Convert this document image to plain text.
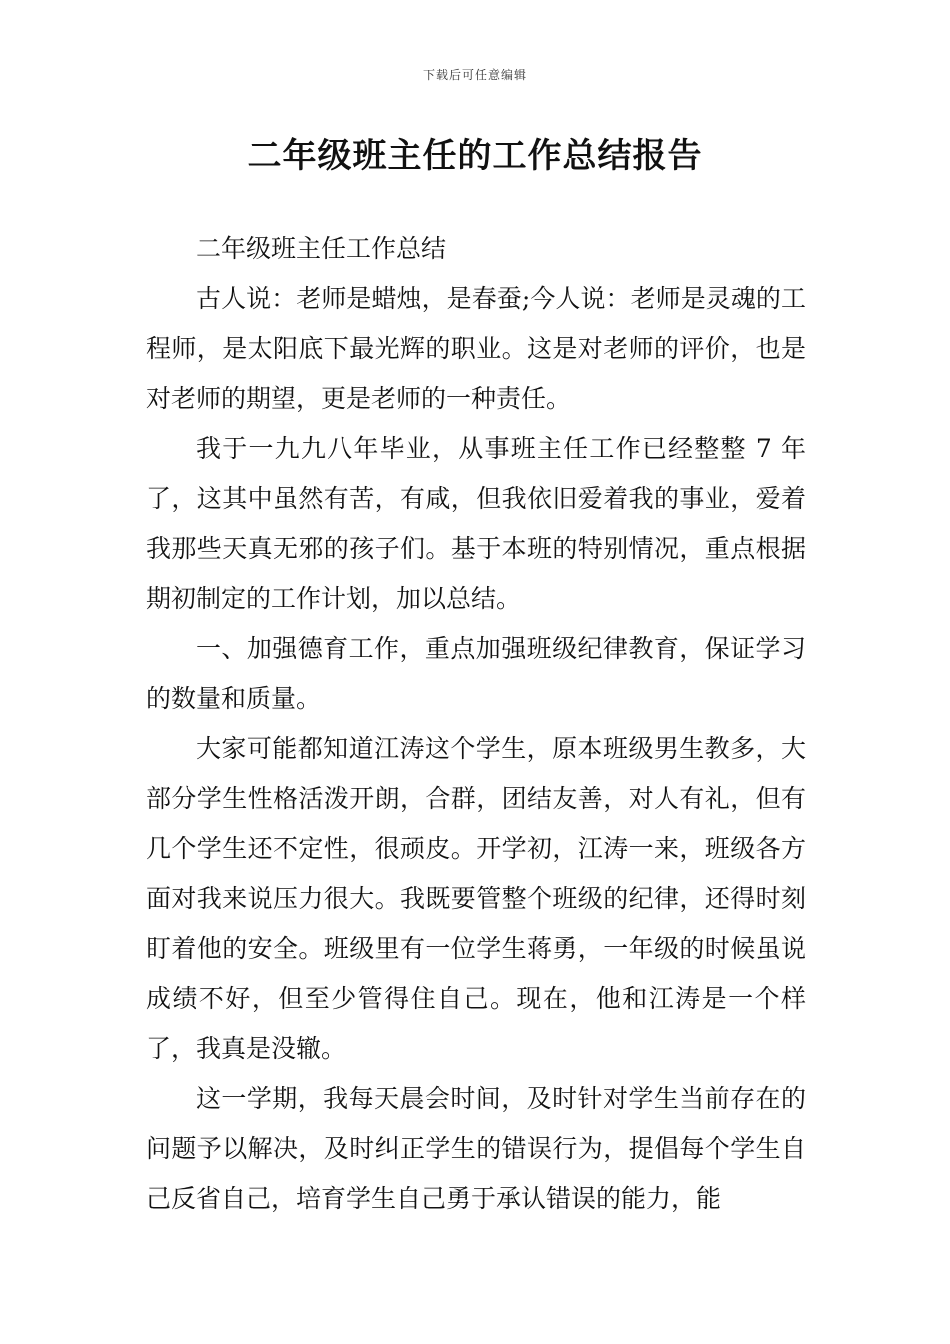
下载后可任意编辑
二年级班主任的工作总结报告

二年级班主任工作总结

古人说：老师是蜡烛，是春蚕;今人说：老师是灵魂的工程师，是太阳底下最光辉的职业。这是对老师的评价，也是对老师的期望，更是老师的一种责任。

我于一九九八年毕业，从事班主任工作已经整整 7 年了，这其中虽然有苦，有咸，但我依旧爱着我的事业，爱着我那些天真无邪的孩子们。基于本班的特别情况，重点根据期初制定的工作计划，加以总结。

一、加强德育工作，重点加强班级纪律教育，保证学习的数量和质量。

大家可能都知道江涛这个学生，原本班级男生教多，大部分学生性格活泼开朗，合群，团结友善，对人有礼，但有几个学生还不定性，很顽皮。开学初，江涛一来，班级各方面对我来说压力很大。我既要管整个班级的纪律，还得时刻盯着他的安全。班级里有一位学生蒋勇，一年级的时候虽说成绩不好，但至少管得住自己。现在，他和江涛是一个样了，我真是没辙。

这一学期，我每天晨会时间，及时针对学生当前存在的问题予以解决，及时纠正学生的错误行为，提倡每个学生自己反省自己，培育学生自己勇于承认错误的能力，能
